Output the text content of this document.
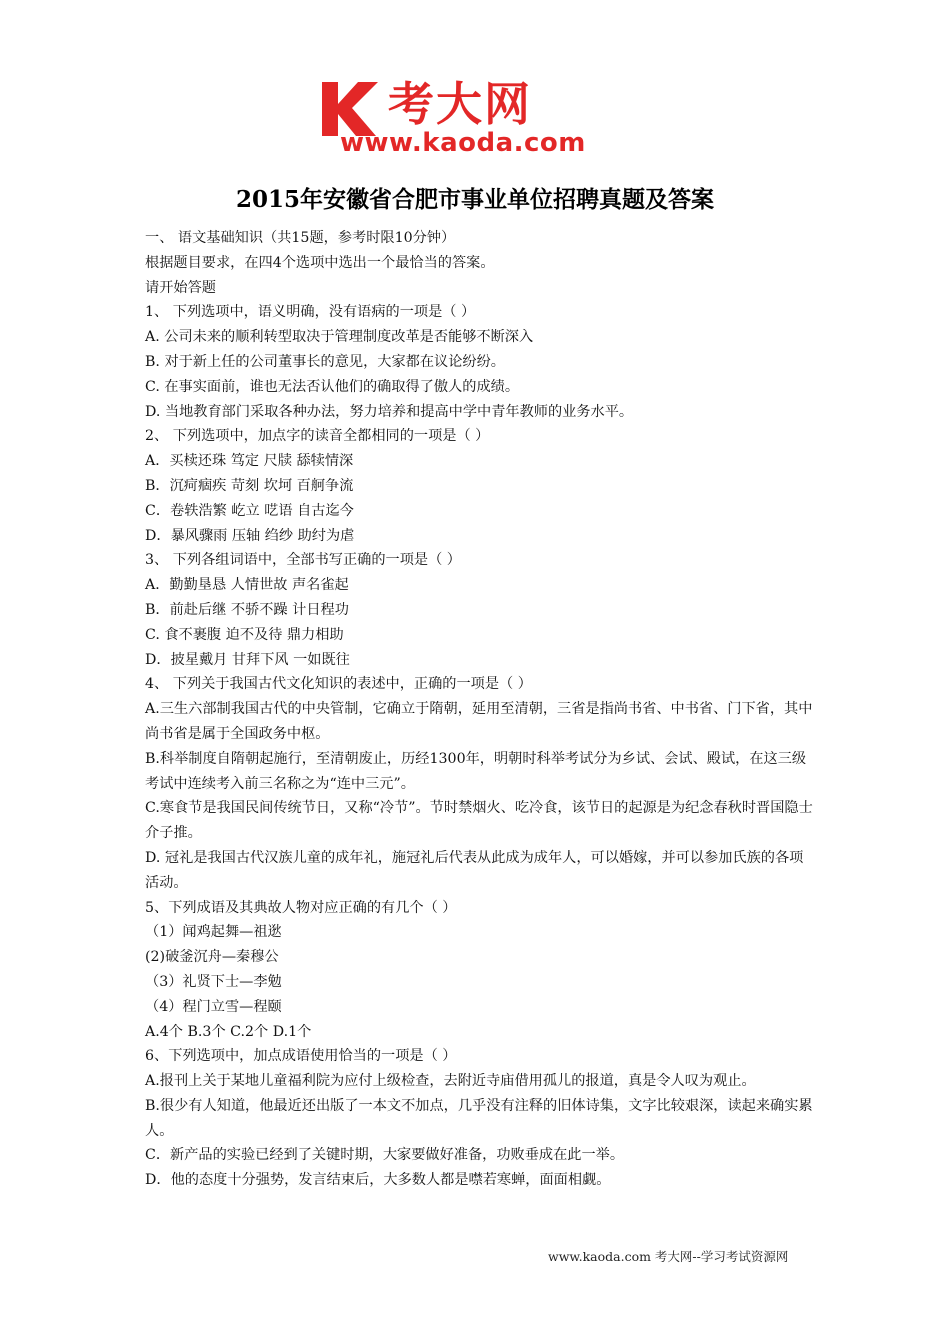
考大网
www.kaoda.com
2015年安徽省合肥市事业单位招聘真题及答案

一、 语文基础知识（共15题，参考时限10分钟）

根据题目要求，在四4个选项中选出一个最恰当的答案。

请开始答题

1、 下列选项中，语义明确，没有语病的一项是（ ）

A. 公司未来的顺利转型取决于管理制度改革是否能够不断深入

B. 对于新上任的公司董事长的意见，大家都在议论纷纷。

C. 在事实面前，谁也无法否认他们的确取得了傲人的成绩。

D. 当地教育部门采取各种办法，努力培养和提高中学中青年教师的业务水平。

2、 下列选项中，加点字的读音全都相同的一项是（ ）

A．买椟还珠 笃定 尺牍 舔犊情深

B．沉疴痼疾 苛刻 坎坷 百舸争流

C．卷轶浩繁 屹立 呓语 自古迄今

D．暴风骤雨 压轴 绉纱 助纣为虐

3、 下列各组词语中，全部书写正确的一项是（ ）

A．勤勤垦恳 人情世故 声名雀起

B．前赴后继 不骄不躁 计日程功

C. 食不裹腹 迫不及待 鼎力相助

D．披星戴月 甘拜下风 一如既往

4、 下列关于我国古代文化知识的表述中，正确的一项是（ ）

A.三生六部制我国古代的中央管制，它确立于隋朝，延用至清朝，三省是指尚书省、中书省、门下省，其中尚书省是属于全国政务中枢。

B.科举制度自隋朝起施行，至清朝废止，历经1300年，明朝时科举考试分为乡试、会试、殿试，在这三级考试中连续考入前三名称之为“连中三元”。

C.寒食节是我国民间传统节日，又称“冷节”。节时禁烟火、吃冷食，该节日的起源是为纪念春秋时晋国隐士介子推。

D. 冠礼是我国古代汉族儿童的成年礼，施冠礼后代表从此成为成年人，可以婚嫁，并可以参加氏族的各项活动。

5、下列成语及其典故人物对应正确的有几个（ ）

（1）闻鸡起舞—祖逖

(2)破釜沉舟—秦穆公

（3）礼贤下士—李勉

（4）程门立雪—程颐

A.4个 B.3个 C.2个 D.1个

6、下列选项中，加点成语使用恰当的一项是（ ）

A.报刊上关于某地儿童福利院为应付上级检查，去附近寺庙借用孤儿的报道，真是令人叹为观止。

B.很少有人知道，他最近还出版了一本文不加点，几乎没有注释的旧体诗集，文字比较艰深，读起来确实累人。

C．新产品的实验已经到了关键时期，大家要做好准备，功败垂成在此一举。

D．他的态度十分强势，发言结束后，大多数人都是噤若寒蝉，面面相觑。

www.kaoda.com 考大网--学习考试资源网
